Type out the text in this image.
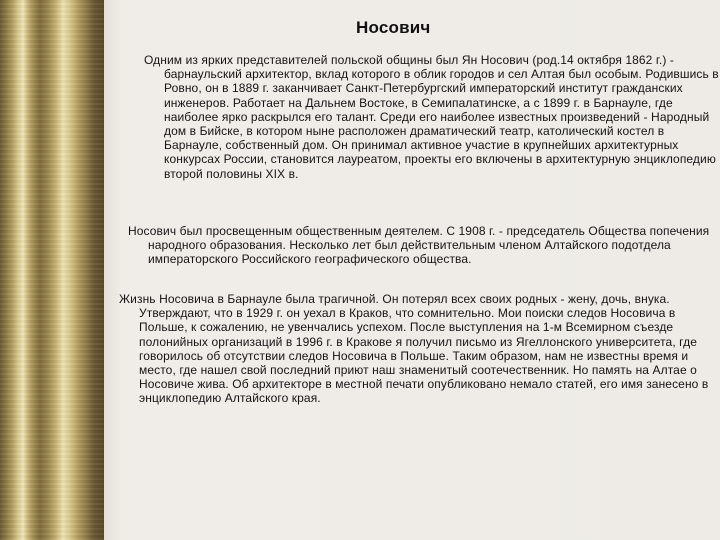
Носович
Одним из ярких представителей польской общины был Ян Носович (род.14 октября 1862 г.) - барнаульский архитектор, вклад которого в облик городов и сел Алтая был особым. Родившись в Ровно, он в 1889 г. заканчивает Санкт-Петербургский императорский институт гражданских инженеров. Работает на Дальнем Востоке, в Семипалатинске, а с 1899 г. в Барнауле, где наиболее ярко раскрылся его талант. Среди его наиболее известных произведений - Народный дом в Бийске, в котором ныне расположен драматический театр, католический костел в Барнауле, собственный дом. Он принимал активное участие в крупнейших архитектурных конкурсах России, становится лауреатом, проекты его включены в архитектурную энциклопедию второй половины XIX в.
Носович был просвещенным общественным деятелем. С 1908 г. - председатель Общества попечения народного образования. Несколько лет был действительным членом Алтайского подотдела императорского Российского географического общества.
Жизнь Носовича в Барнауле была трагичной. Он потерял всех своих родных - жену, дочь, внука. Утверждают, что в 1929 г. он уехал в Краков, что сомнительно. Мои поиски следов Носовича в Польше, к сожалению, не увенчались успехом. После выступления на 1-м Всемирном съезде полонийных организаций в 1996 г. в Кракове я получил письмо из Ягеллонского университета, где говорилось об отсутствии следов Носовича в Польше. Таким образом, нам не известны время и место, где нашел свой последний приют наш знаменитый соотечественник. Но память на Алтае о Носовиче жива. Об архитекторе в местной печати опубликовано немало статей, его имя занесено в энциклопедию Алтайского края.
